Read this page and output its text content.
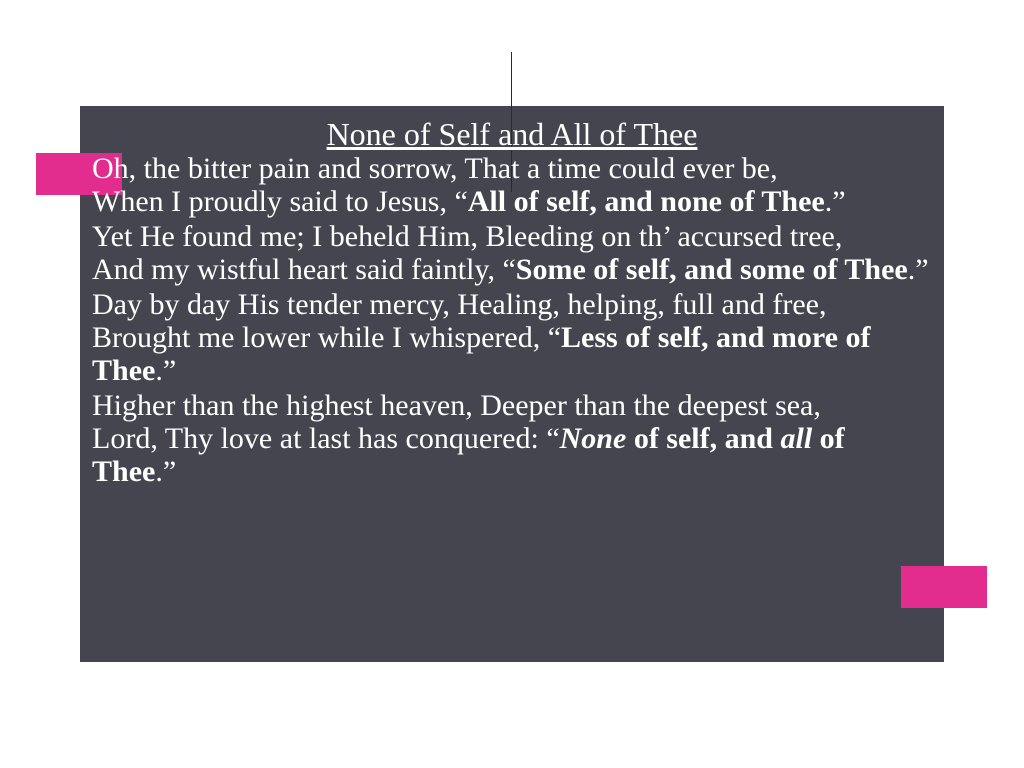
None of Self and All of Thee
Oh, the bitter pain and sorrow, That a time could ever be,
When I proudly said to Jesus, “All of self, and none of Thee.”
Yet He found me; I beheld Him, Bleeding on th’ accursed tree,
And my wistful heart said faintly, “Some of self, and some of Thee.”
Day by day His tender mercy, Healing, helping, full and free,
Brought me lower while I whispered, “Less of self, and more of Thee.”
Higher than the highest heaven, Deeper than the deepest sea,
Lord, Thy love at last has conquered: “None of self, and all of Thee.”
